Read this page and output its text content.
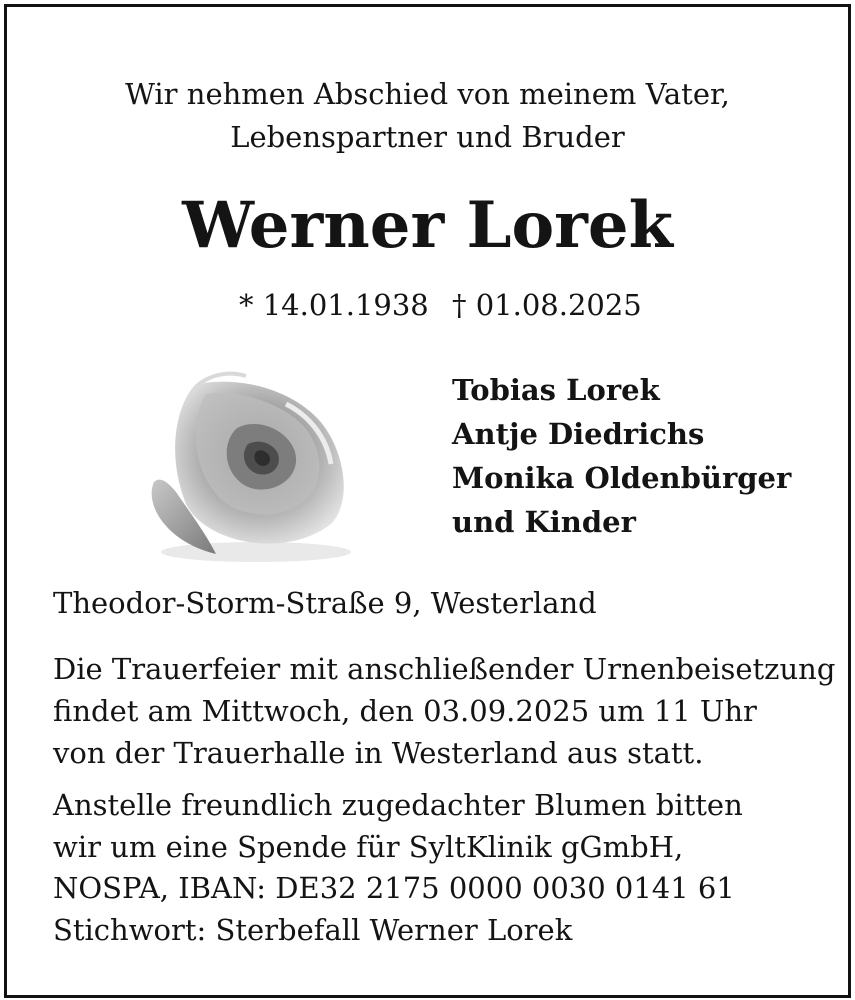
Wir nehmen Abschied von meinem Vater,
Lebenspartner und Bruder
Werner Lorek
* 14.01.1938 † 01.08.2025
Tobias Lorek
Antje Diedrichs
Monika Oldenbürger
und Kinder
Theodor-Storm-Straße 9, Westerland
Die Trauerfeier mit anschließender Urnenbeisetzung
findet am Mittwoch, den 03.09.2025 um 11 Uhr
von der Trauerhalle in Westerland aus statt.
Anstelle freundlich zugedachter Blumen bitten
wir um eine Spende für SyltKlinik gGmbH,
NOSPA, IBAN: DE32 2175 0000 0030 0141 61
Stichwort: Sterbefall Werner Lorek
